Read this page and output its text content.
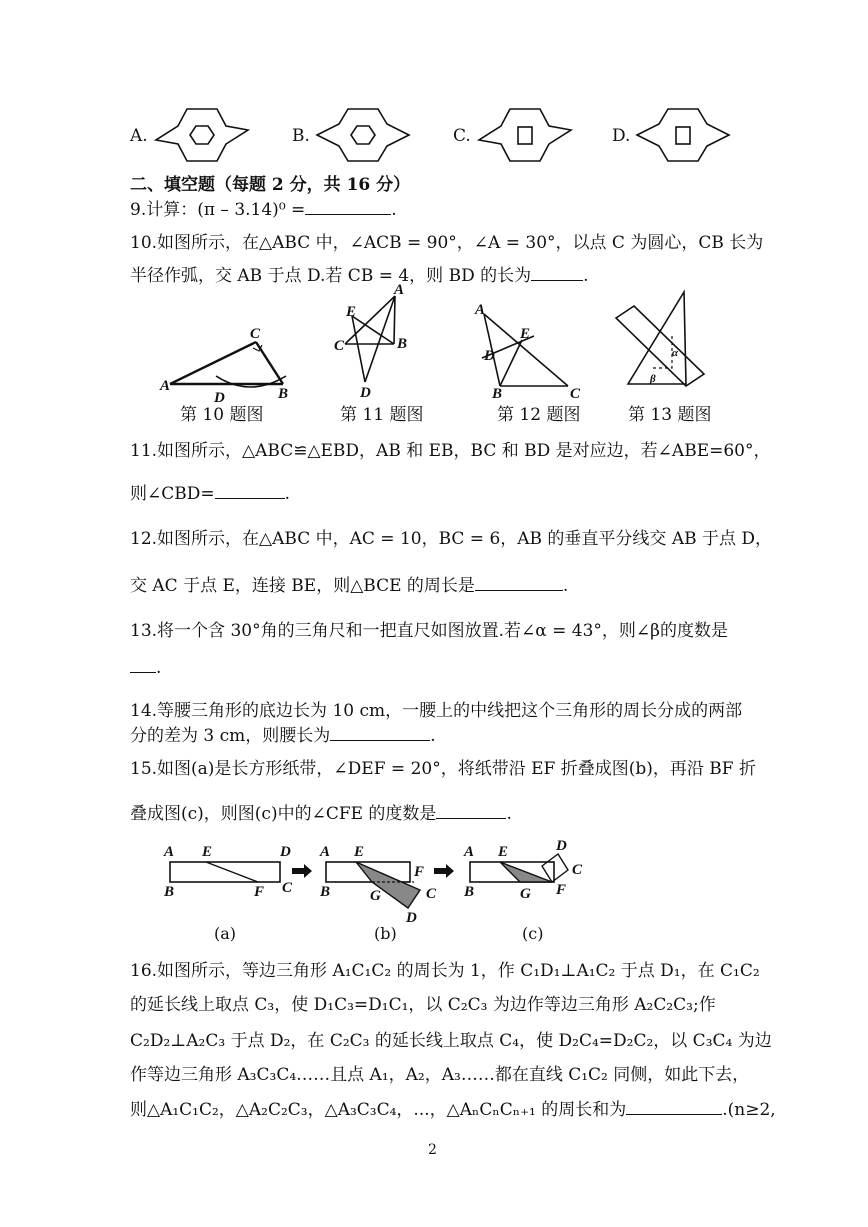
A.	B.	C.	D.
二、填空题（每题 2 分，共 16 分）
9.计算：(π – 3.14)⁰ =	.
10.如图所示，在△ABC 中，∠ACB = 90°，∠A = 30°，以点 C 为圆心，CB 长为
半径作弧，交 AB 于点 D.若 CB = 4，则 BD 的长为	.
C
A
D	B
A
E
C	B
D
A
E
D
B	C
α
β
第 10 题图	第 11 题图	第 12 题图	第 13 题图
11.如图所示，△ABC≌△EBD，AB 和 EB，BC 和 BD 是对应边，若∠ABE=60°，
则∠CBD=	.
12.如图所示，在△ABC 中，AC = 10，BC = 6，AB 的垂直平分线交 AB 于点 D，
交 AC 于点 E，连接 BE，则△BCE 的周长是	.
13.将一个含 30°角的三角尺和一把直尺如图放置.若∠α = 43°，则∠β的度数是
.
14.等腰三角形的底边长为 10 cm，一腰上的中线把这个三角形的周长分成的两部
分的差为 3 cm，则腰长为	.
15.如图(a)是长方形纸带，∠DEF = 20°，将纸带沿 EF 折叠成图(b)，再沿 BF 折
叠成图(c)，则图(c)中的∠CFE 的度数是	.
A E	D
B	F C
A E
F
B	G	C
D
A E	D
B	G F
C
(a)	(b)	(c)
16.如图所示，等边三角形 A₁C₁C₂ 的周长为 1，作 C₁D₁⊥A₁C₂ 于点 D₁，在 C₁C₂
的延长线上取点 C₃，使 D₁C₃=D₁C₁，以 C₂C₃ 为边作等边三角形 A₂C₂C₃;作
C₂D₂⊥A₂C₃ 于点 D₂，在 C₂C₃ 的延长线上取点 C₄，使 D₂C₄=D₂C₂，以 C₃C₄ 为边
作等边三角形 A₃C₃C₄……且点 A₁，A₂，A₃……都在直线 C₁C₂ 同侧，如此下去，
则△A₁C₁C₂，△A₂C₂C₃，△A₃C₃C₄，...，△AₙCₙCₙ₊₁ 的周长和为	.(n≥2,
2
